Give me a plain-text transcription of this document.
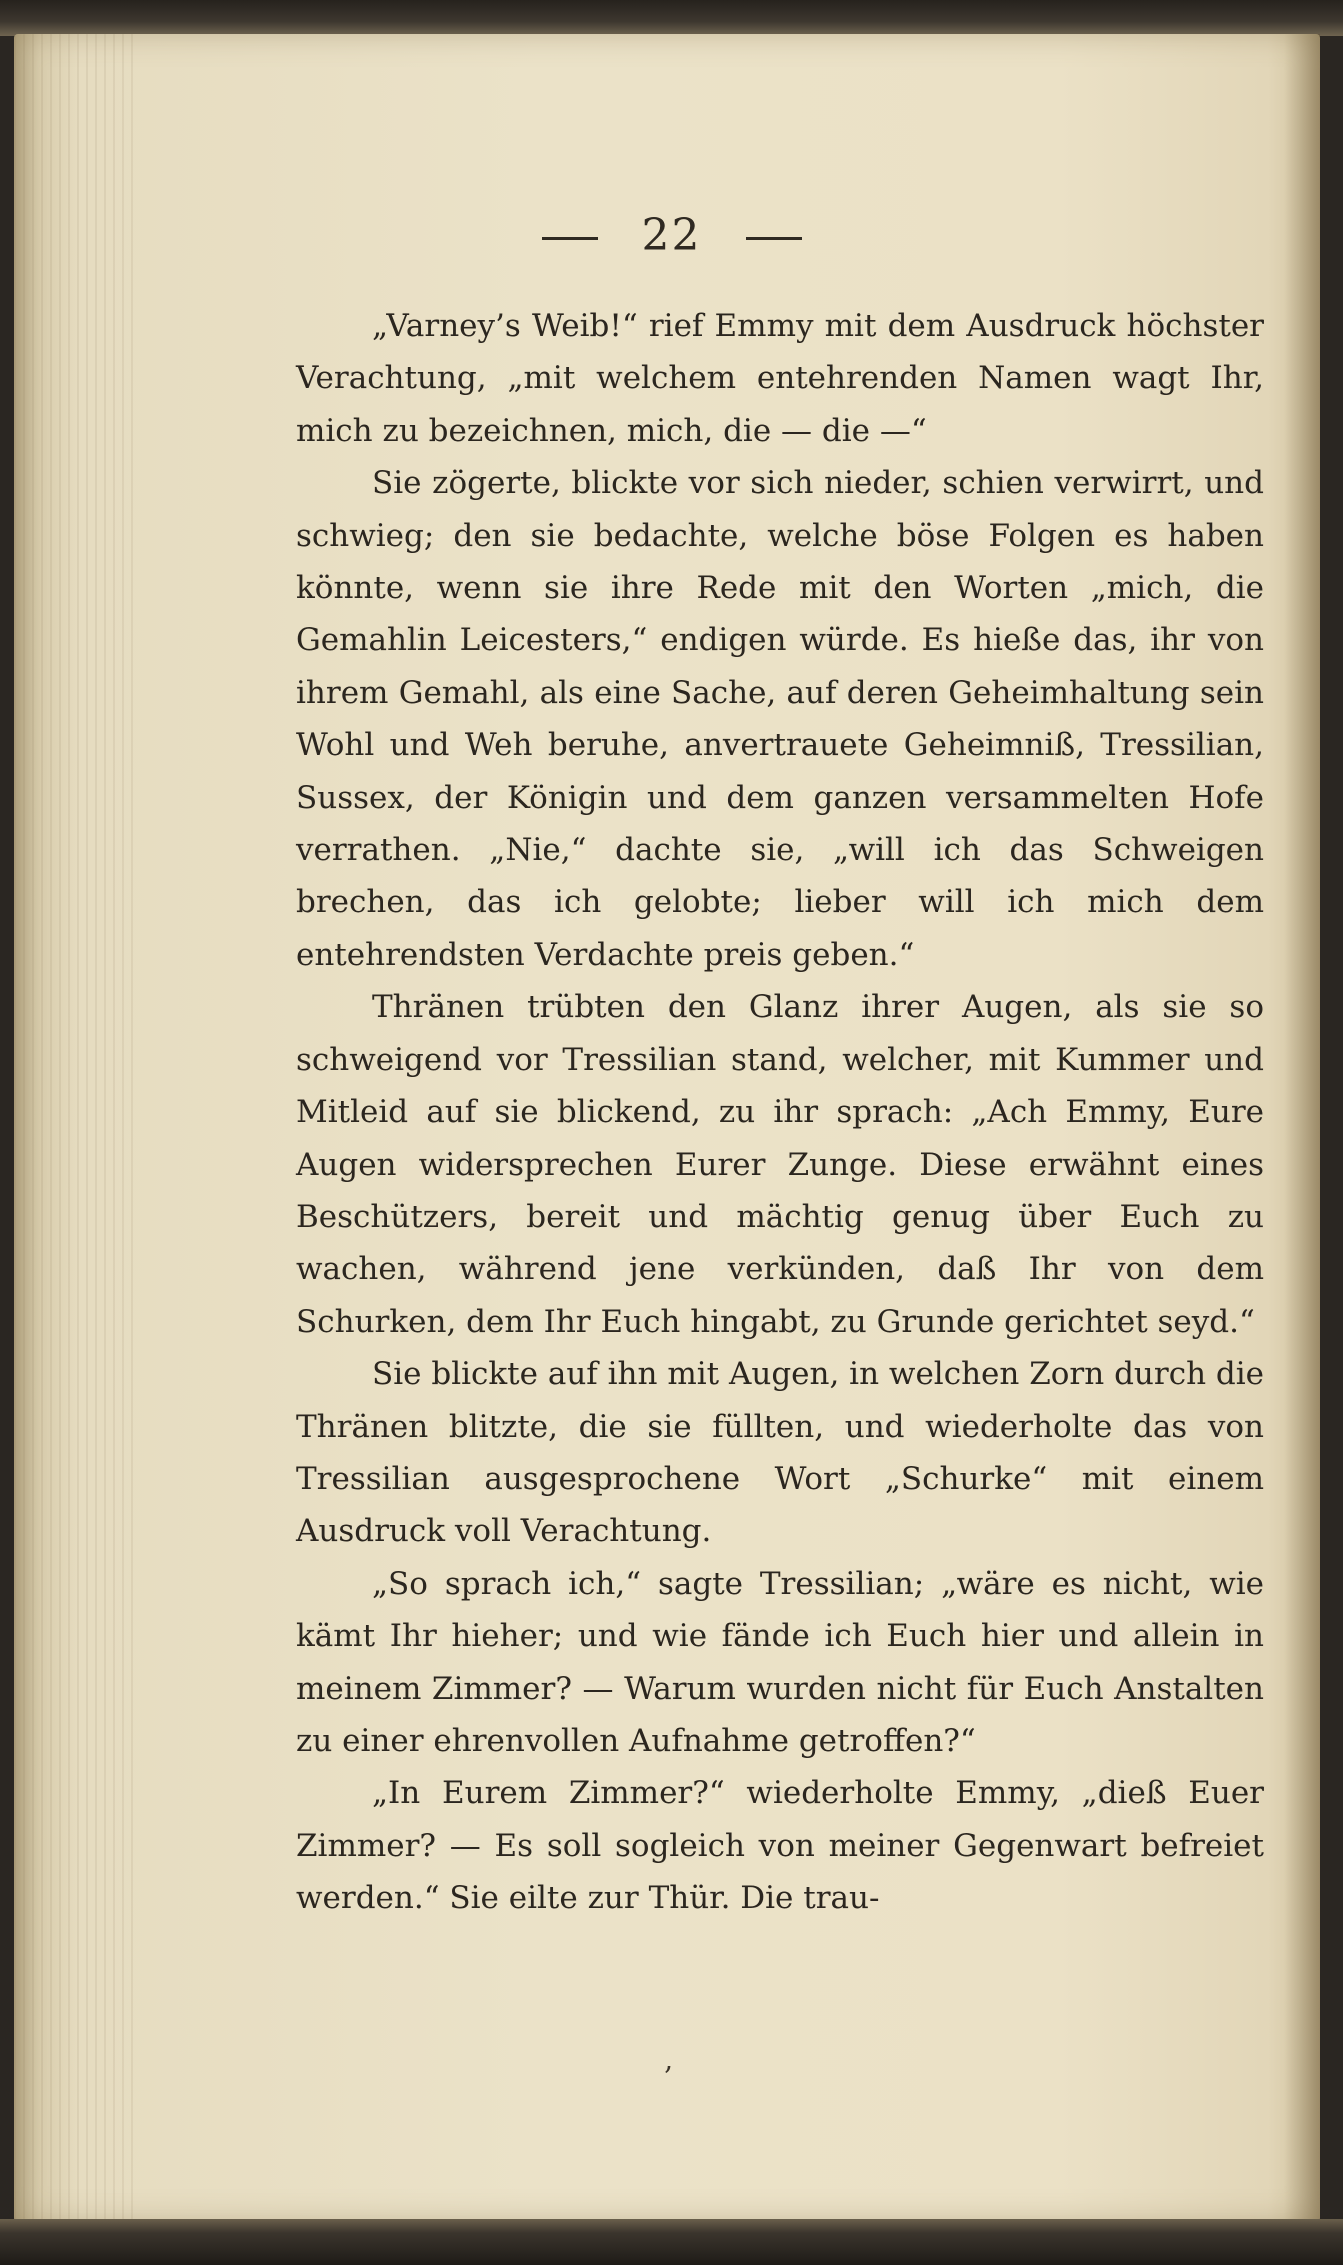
22

„Varney’s Weib!“ rief Emmy mit dem Ausdruck höchster Verachtung, „mit welchem entehrenden Namen wagt Ihr, mich zu bezeichnen, mich, die — die —“

Sie zögerte, blickte vor sich nieder, schien verwirrt, und schwieg; den sie bedachte, welche böse Folgen es haben könnte, wenn sie ihre Rede mit den Worten „mich, die Gemahlin Leicesters,“ endigen würde. Es hieße das, ihr von ihrem Gemahl, als eine Sache, auf deren Geheimhaltung sein Wohl und Weh beruhe, anvertrauete Geheimniß, Tressilian, Sussex, der Königin und dem ganzen versammelten Hofe verrathen. „Nie,“ dachte sie, „will ich das Schweigen brechen, das ich gelobte; lieber will ich mich dem entehrendsten Verdachte preis geben.“

Thränen trübten den Glanz ihrer Augen, als sie so schweigend vor Tressilian stand, welcher, mit Kummer und Mitleid auf sie blickend, zu ihr sprach: „Ach Emmy, Eure Augen widersprechen Eurer Zunge. Diese erwähnt eines Beschützers, bereit und mächtig genug über Euch zu wachen, während jene verkünden, daß Ihr von dem Schurken, dem Ihr Euch hingabt, zu Grunde gerichtet seyd.“

Sie blickte auf ihn mit Augen, in welchen Zorn durch die Thränen blitzte, die sie füllten, und wiederholte das von Tressilian ausgesprochene Wort „Schurke“ mit einem Ausdruck voll Verachtung.

„So sprach ich,“ sagte Tressilian; „wäre es nicht, wie kämt Ihr hieher; und wie fände ich Euch hier und allein in meinem Zimmer? — Warum wurden nicht für Euch Anstalten zu einer ehrenvollen Aufnahme getroffen?“

„In Eurem Zimmer?“ wiederholte Emmy, „dieß Euer Zimmer? — Es soll sogleich von meiner Gegenwart befreiet werden.“ Sie eilte zur Thür. Die trau-

‚
